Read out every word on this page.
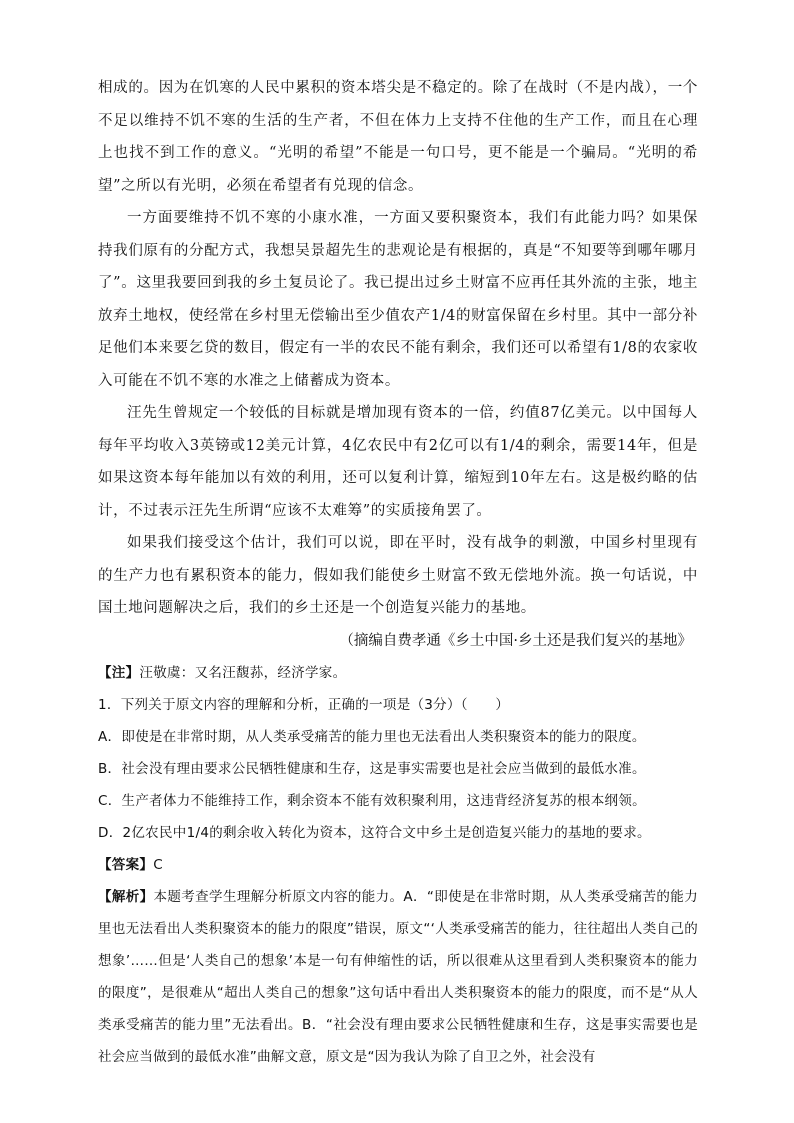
相成的。因为在饥寒的人民中累积的资本塔尖是不稳定的。除了在战时（不是内战），一个不足以维持不饥不寒的生活的生产者，不但在体力上支持不住他的生产工作，而且在心理上也找不到工作的意义。“光明的希望”不能是一句口号，更不能是一个骗局。“光明的希望”之所以有光明，必须在希望者有兑现的信念。

一方面要维持不饥不寒的小康水准，一方面又要积聚资本，我们有此能力吗？如果保持我们原有的分配方式，我想吴景超先生的悲观论是有根据的，真是“不知要等到哪年哪月了”。这里我要回到我的乡土复员论了。我已提出过乡土财富不应再任其外流的主张，地主放弃土地权，使经常在乡村里无偿输出至少值农产1/4的财富保留在乡村里。其中一部分补足他们本来要乞贷的数目，假定有一半的农民不能有剩余，我们还可以希望有1/8的农家收入可能在不饥不寒的水准之上储蓄成为资本。

汪先生曾规定一个较低的目标就是增加现有资本的一倍，约值87亿美元。以中国每人每年平均收入3英镑或12美元计算，4亿农民中有2亿可以有1/4的剩余，需要14年，但是如果这资本每年能加以有效的利用，还可以复利计算，缩短到10年左右。这是极约略的估计，不过表示汪先生所谓“应该不太难筹”的实质接角罢了。

如果我们接受这个估计，我们可以说，即在平时，没有战争的刺激，中国乡村里现有的生产力也有累积资本的能力，假如我们能使乡土财富不致无偿地外流。换一句话说，中国土地问题解决之后，我们的乡土还是一个创造复兴能力的基地。

（摘编自费孝通《乡土中国·乡土还是我们复兴的基地》

【注】汪敬虞：又名汪馥荪，经济学家。

1．下列关于原文内容的理解和分析，正确的一项是（3分）（　　）

A．即使是在非常时期，从人类承受痛苦的能力里也无法看出人类积聚资本的能力的限度。

B．社会没有理由要求公民牺牲健康和生存，这是事实需要也是社会应当做到的最低水准。

C．生产者体力不能维持工作，剩余资本不能有效积聚利用，这违背经济复苏的根本纲领。

D．2亿农民中1/4的剩余收入转化为资本，这符合文中乡土是创造复兴能力的基地的要求。

【答案】C

【解析】本题考查学生理解分析原文内容的能力。A．“即使是在非常时期，从人类承受痛苦的能力里也无法看出人类积聚资本的能力的限度”错误，原文“‘人类承受痛苦的能力，往往超出人类自己的想象’……但是‘人类自己的想象’本是一句有伸缩性的话，所以很难从这里看到人类积聚资本的能力的限度”，是很难从“超出人类自己的想象”这句话中看出人类积聚资本的能力的限度，而不是“从人类承受痛苦的能力里”无法看出。B．“社会没有理由要求公民牺牲健康和生存，这是事实需要也是社会应当做到的最低水准”曲解文意，原文是“因为我认为除了自卫之外，社会没有
